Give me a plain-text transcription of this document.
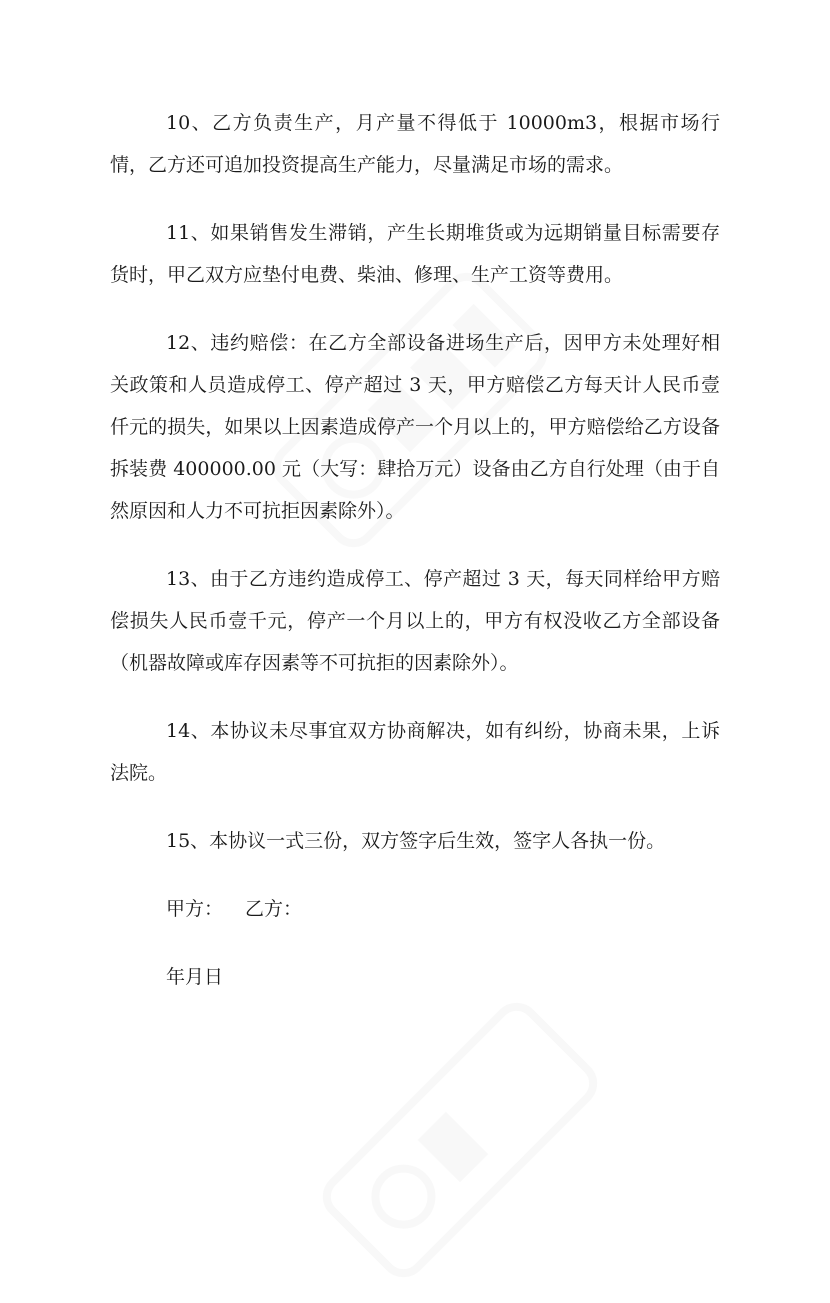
10、乙方负责生产，月产量不得低于 10000m3，根据市场行情，乙方还可追加投资提高生产能力，尽量满足市场的需求。

11、如果销售发生滞销，产生长期堆货或为远期销量目标需要存货时，甲乙双方应垫付电费、柴油、修理、生产工资等费用。

12、违约赔偿：在乙方全部设备进场生产后，因甲方未处理好相关政策和人员造成停工、停产超过 3 天，甲方赔偿乙方每天计人民币壹仟元的损失，如果以上因素造成停产一个月以上的，甲方赔偿给乙方设备拆装费 400000.00 元（大写：肆拾万元）设备由乙方自行处理（由于自然原因和人力不可抗拒因素除外）。

13、由于乙方违约造成停工、停产超过 3 天，每天同样给甲方赔偿损失人民币壹千元，停产一个月以上的，甲方有权没收乙方全部设备（机器故障或库存因素等不可抗拒的因素除外）。

14、本协议未尽事宜双方协商解决，如有纠纷，协商未果，上诉法院。

15、本协议一式三份，双方签字后生效，签字人各执一份。

甲方： 乙方：

年月日
